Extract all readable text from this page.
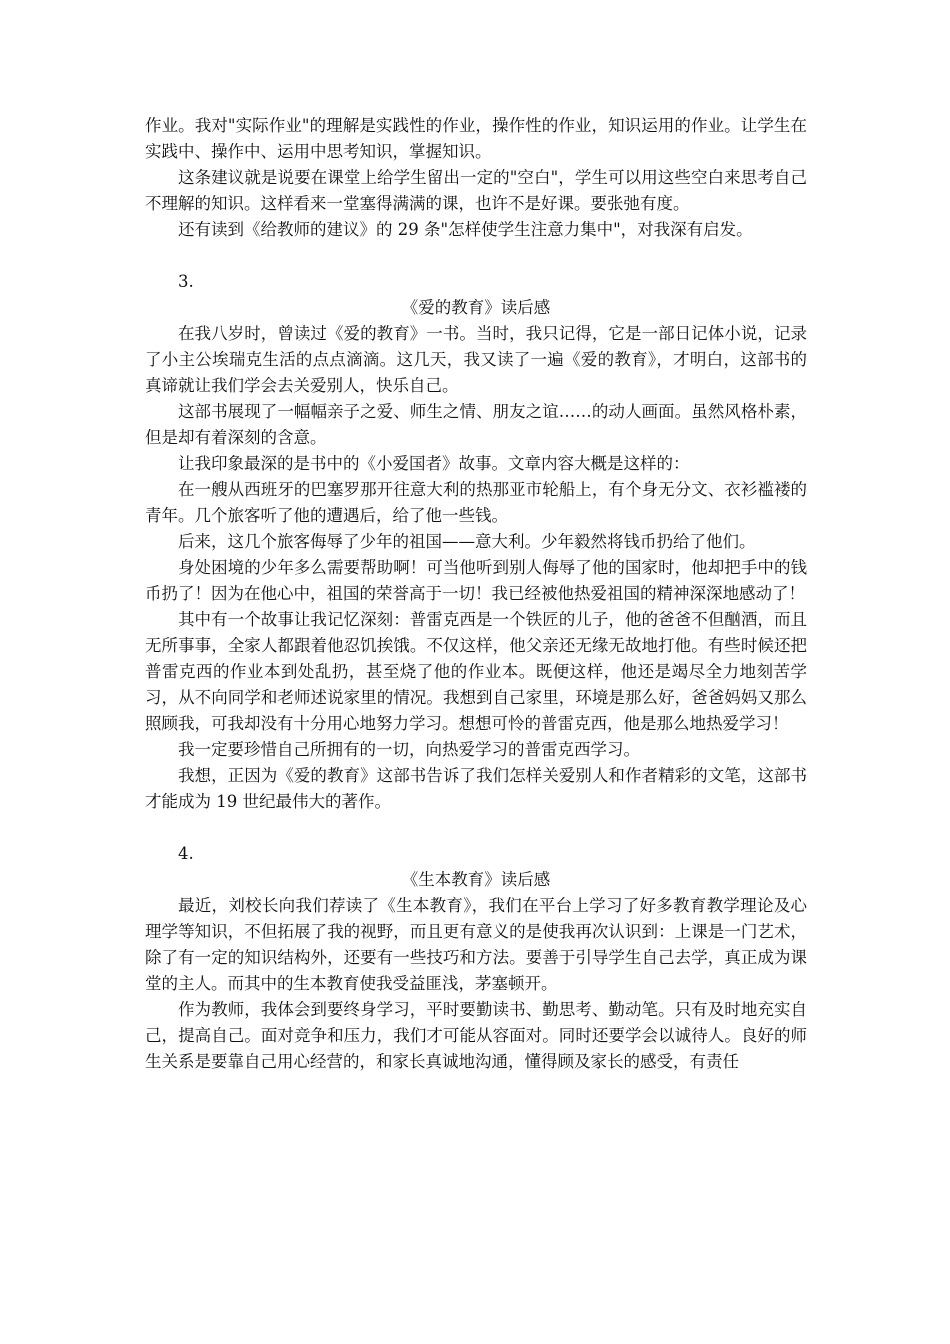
作业。我对"实际作业"的理解是实践性的作业，操作性的作业，知识运用的作业。让学生在实践中、操作中、运用中思考知识，掌握知识。

这条建议就是说要在课堂上给学生留出一定的"空白"，学生可以用这些空白来思考自己不理解的知识。这样看来一堂塞得满满的课，也许不是好课。要张弛有度。

还有读到《给教师的建议》的 29 条"怎样使学生注意力集中"，对我深有启发。

3.

《爱的教育》读后感

在我八岁时，曾读过《爱的教育》一书。当时，我只记得，它是一部日记体小说，记录了小主公埃瑞克生活的点点滴滴。这几天，我又读了一遍《爱的教育》，才明白，这部书的真谛就让我们学会去关爱别人，快乐自己。

这部书展现了一幅幅亲子之爱、师生之情、朋友之谊……的动人画面。虽然风格朴素，但是却有着深刻的含意。

让我印象最深的是书中的《小爱国者》故事。文章内容大概是这样的：

在一艘从西班牙的巴塞罗那开往意大利的热那亚市轮船上，有个身无分文、衣衫褴褛的青年。几个旅客听了他的遭遇后，给了他一些钱。

后来，这几个旅客侮辱了少年的祖国——意大利。少年毅然将钱币扔给了他们。

身处困境的少年多么需要帮助啊！可当他听到别人侮辱了他的国家时，他却把手中的钱币扔了！因为在他心中，祖国的荣誉高于一切！我已经被他热爱祖国的精神深深地感动了！

其中有一个故事让我记忆深刻：普雷克西是一个铁匠的儿子，他的爸爸不但酗酒，而且无所事事，全家人都跟着他忍饥挨饿。不仅这样，他父亲还无缘无故地打他。有些时候还把普雷克西的作业本到处乱扔，甚至烧了他的作业本。既便这样，他还是竭尽全力地刻苦学习，从不向同学和老师述说家里的情况。我想到自己家里，环境是那么好，爸爸妈妈又那么照顾我，可我却没有十分用心地努力学习。想想可怜的普雷克西，他是那么地热爱学习！

我一定要珍惜自己所拥有的一切，向热爱学习的普雷克西学习。

我想，正因为《爱的教育》这部书告诉了我们怎样关爱别人和作者精彩的文笔，这部书才能成为 19 世纪最伟大的著作。

4.

《生本教育》读后感

最近，刘校长向我们荐读了《生本教育》，我们在平台上学习了好多教育教学理论及心理学等知识，不但拓展了我的视野，而且更有意义的是使我再次认识到：上课是一门艺术，除了有一定的知识结构外，还要有一些技巧和方法。要善于引导学生自己去学，真正成为课堂的主人。而其中的生本教育使我受益匪浅，茅塞顿开。

作为教师，我体会到要终身学习，平时要勤读书、勤思考、勤动笔。只有及时地充实自己，提高自己。面对竞争和压力，我们才可能从容面对。同时还要学会以诚待人。良好的师生关系是要靠自己用心经营的，和家长真诚地沟通，懂得顾及家长的感受，有责任
